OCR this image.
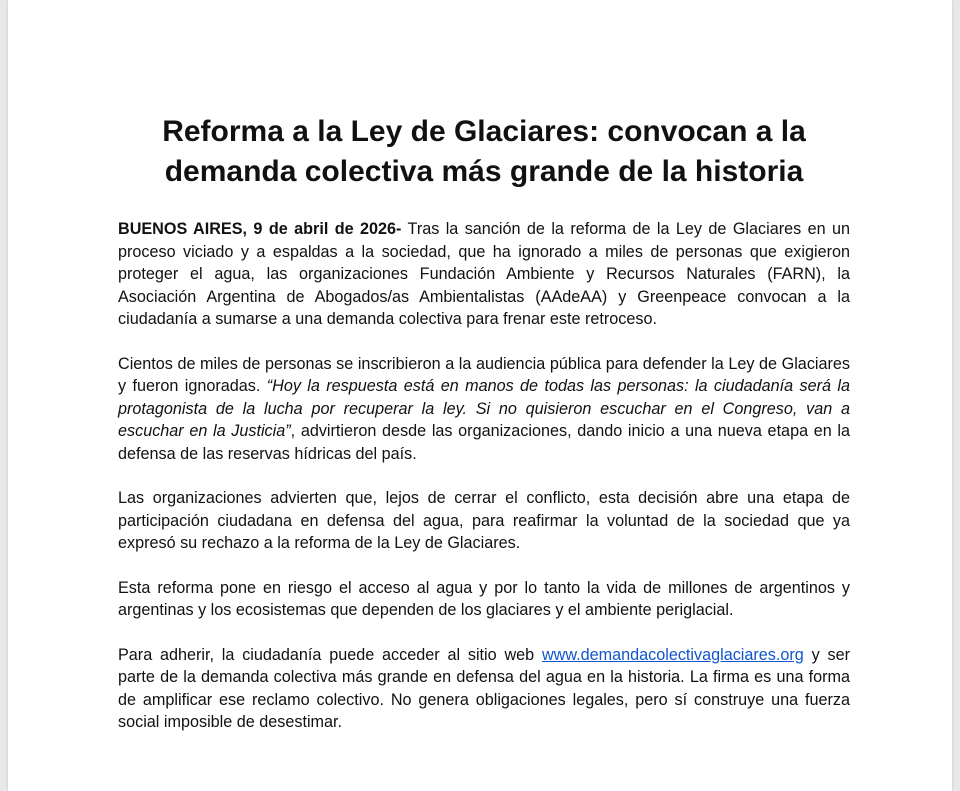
Reforma a la Ley de Glaciares: convocan a la demanda colectiva más grande de la historia

BUENOS AIRES, 9 de abril de 2026- Tras la sanción de la reforma de la Ley de Glaciares en un proceso viciado y a espaldas a la sociedad, que ha ignorado a miles de personas que exigieron proteger el agua, las organizaciones Fundación Ambiente y Recursos Naturales (FARN), la Asociación Argentina de Abogados/as Ambientalistas (AAdeAA) y Greenpeace convocan a la ciudadanía a sumarse a una demanda colectiva para frenar este retroceso.

Cientos de miles de personas se inscribieron a la audiencia pública para defender la Ley de Glaciares y fueron ignoradas. “Hoy la respuesta está en manos de todas las personas: la ciudadanía será la protagonista de la lucha por recuperar la ley. Si no quisieron escuchar en el Congreso, van a escuchar en la Justicia”, advirtieron desde las organizaciones, dando inicio a una nueva etapa en la defensa de las reservas hídricas del país.

Las organizaciones advierten que, lejos de cerrar el conflicto, esta decisión abre una etapa de participación ciudadana en defensa del agua, para reafirmar la voluntad de la sociedad que ya expresó su rechazo a la reforma de la Ley de Glaciares.

Esta reforma pone en riesgo el acceso al agua y por lo tanto la vida de millones de argentinos y argentinas y los ecosistemas que dependen de los glaciares y el ambiente periglacial.

Para adherir, la ciudadanía puede acceder al sitio web www.demandacolectivaglaciares.org y ser parte de la demanda colectiva más grande en defensa del agua en la historia. La firma es una forma de amplificar ese reclamo colectivo. No genera obligaciones legales, pero sí construye una fuerza social imposible de desestimar.
